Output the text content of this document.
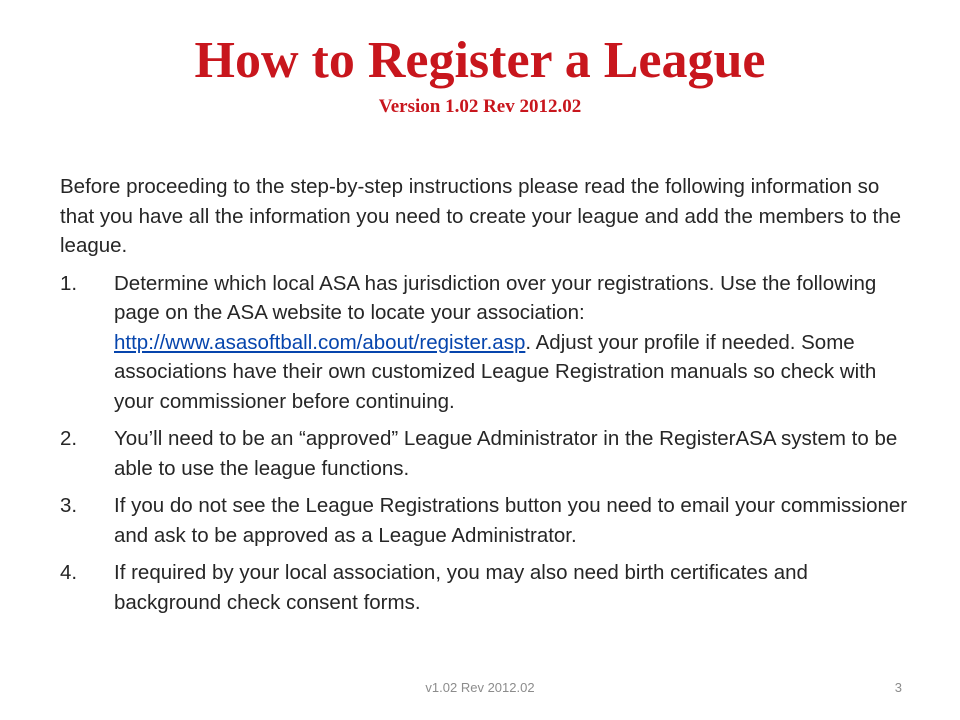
How to Register a League
Version 1.02 Rev 2012.02

Before proceeding to the step-by-step instructions please read the following information so that you have all the information you need to create your league and add the members to the league.

1.	Determine which local ASA has jurisdiction over your registrations. Use the following page on the ASA website to locate your association: http://www.asasoftball.com/about/register.asp. Adjust your profile if needed. Some associations have their own customized League Registration manuals so check with your commissioner before continuing.
2.	You’ll need to be an “approved” League Administrator in the RegisterASA system to be able to use the league functions.
3.	If you do not see the League Registrations button you need to email your commissioner and ask to be approved as a League Administrator.
4.	If required by your local association, you may also need birth certificates and background check consent forms.
v1.02 Rev 2012.02	3
